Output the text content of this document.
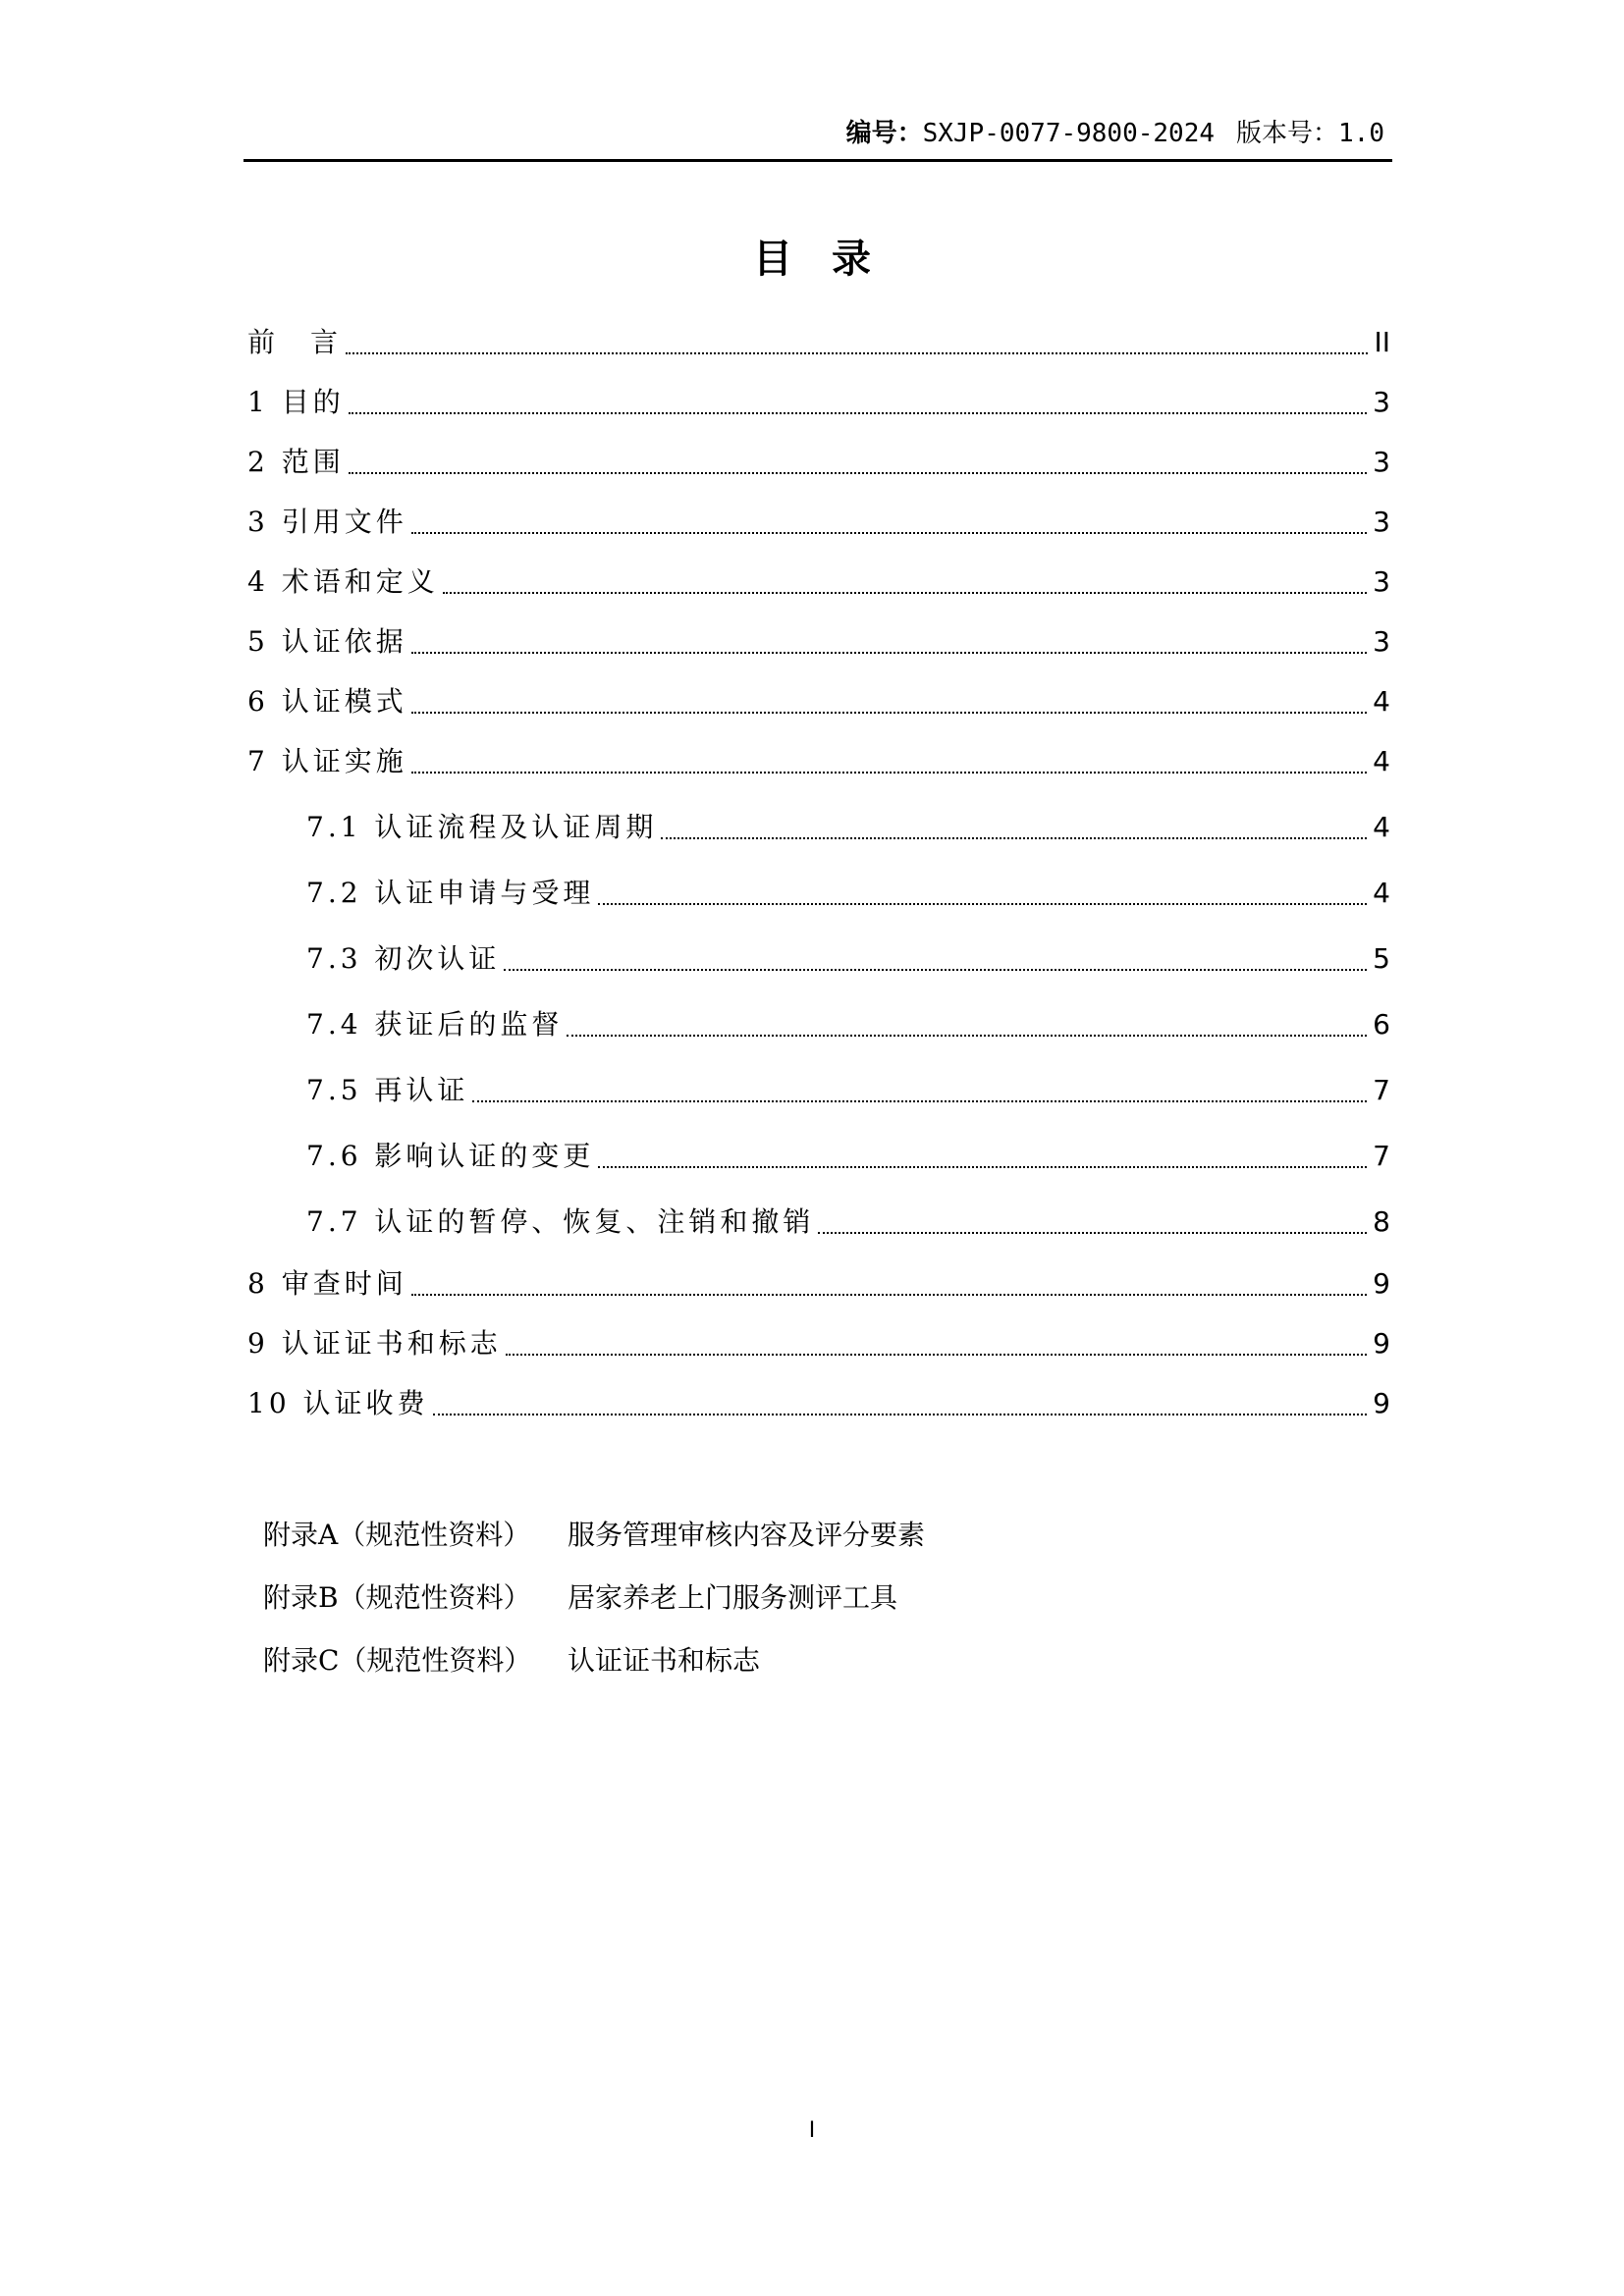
编号：SXJP-0077-9800-2024 版本号：1.0
目录
前　言	II
1 目的	3
2 范围	3
3 引用文件	3
4 术语和定义	3
5 认证依据	3
6 认证模式	4
7 认证实施	4
7.1 认证流程及认证周期	4
7.2 认证申请与受理	4
7.3 初次认证	5
7.4 获证后的监督	6
7.5 再认证	7
7.6 影响认证的变更	7
7.7 认证的暂停、恢复、注销和撤销	8
8 审查时间	9
9 认证证书和标志	9
10 认证收费	9
附录A（规范性资料） 服务管理审核内容及评分要素
附录B（规范性资料） 居家养老上门服务测评工具
附录C（规范性资料） 认证证书和标志
I
